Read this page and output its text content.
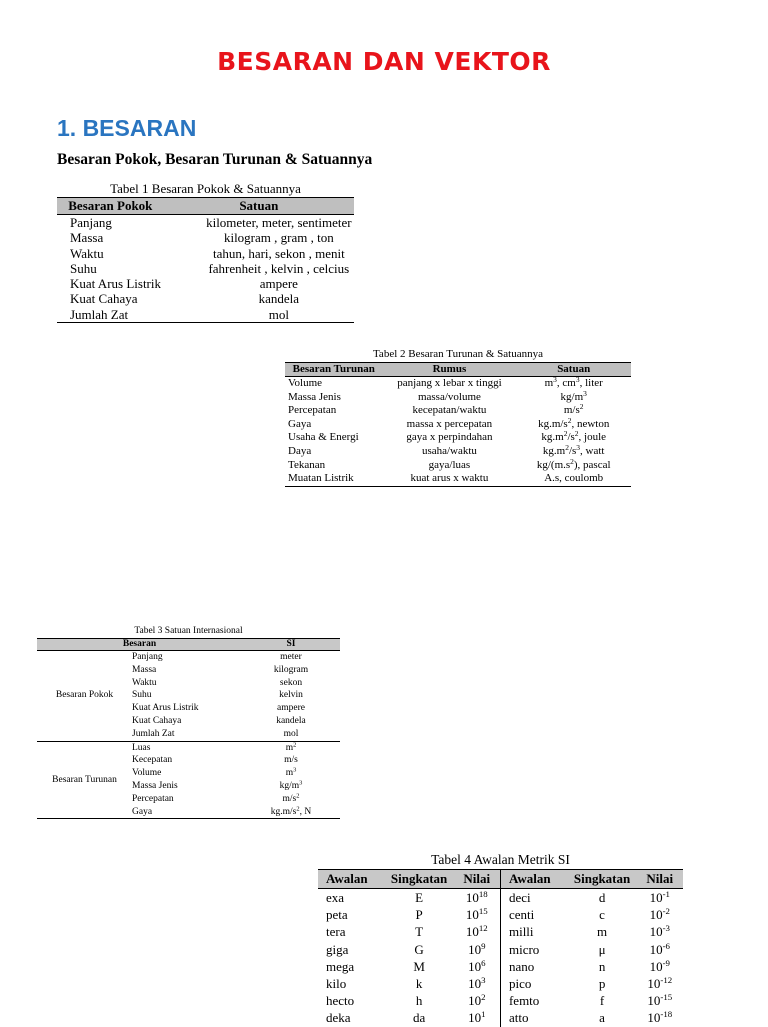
BESARAN DAN VEKTOR
1. BESARAN
Besaran Pokok, Besaran Turunan & Satuannya
Tabel 1 Besaran Pokok & Satuannya
Besaran Pokok	Satuan
Panjang	kilometer, meter, sentimeter
Massa	kilogram , gram , ton
Waktu	tahun, hari, sekon , menit
Suhu	fahrenheit , kelvin , celcius
Kuat Arus Listrik	ampere
Kuat Cahaya	kandela
Jumlah Zat	mol
Tabel 2 Besaran Turunan & Satuannya
Besaran Turunan	Rumus	Satuan
Volume	panjang x lebar x tinggi	$m^3$, $cm^3$, liter
Massa Jenis	massa/volume	$kg/m^3$
Percepatan	kecepatan/waktu	$m/s^2$
Gaya	massa x percepatan	$kg.m/s^2$, newton
Usaha & Energi	gaya x perpindahan	$kg.m^2/s^2$, joule
Daya	usaha/waktu	$kg.m^2/s^3$, watt
Tekanan	gaya/luas	$kg/(m.s^2)$, pascal
Muatan Listrik	kuat arus x waktu	A.s, coulomb
Tabel 3 Satuan Internasional
Besaran		SI
Besaran Pokok	Panjang	meter
	Massa	kilogram
	Waktu	sekon
	Suhu	kelvin
	Kuat Arus Listrik	ampere
	Kuat Cahaya	kandela
	Jumlah Zat	mol
Besaran Turunan	Luas	$m^2$
	Kecepatan	m/s
	Volume	$m^3$
	Massa Jenis	$kg/m^3$
	Percepatan	$m/s^2$
	Gaya	$kg.m/s^2$, N
Tabel 4 Awalan Metrik SI
Awalan	Singkatan	Nilai	Awalan	Singkatan	Nilai
exa	E	$10^{18}$	deci	d	$10^{-1}$
peta	P	$10^{15}$	centi	c	$10^{-2}$
tera	T	$10^{12}$	milli	m	$10^{-3}$
giga	G	$10^9$	micro	μ	$10^{-6}$
mega	M	$10^6$	nano	n	$10^{-9}$
kilo	k	$10^3$	pico	p	$10^{-12}$
hecto	h	$10^2$	femto	f	$10^{-15}$
deka	da	$10^1$	atto	a	$10^{-18}$
